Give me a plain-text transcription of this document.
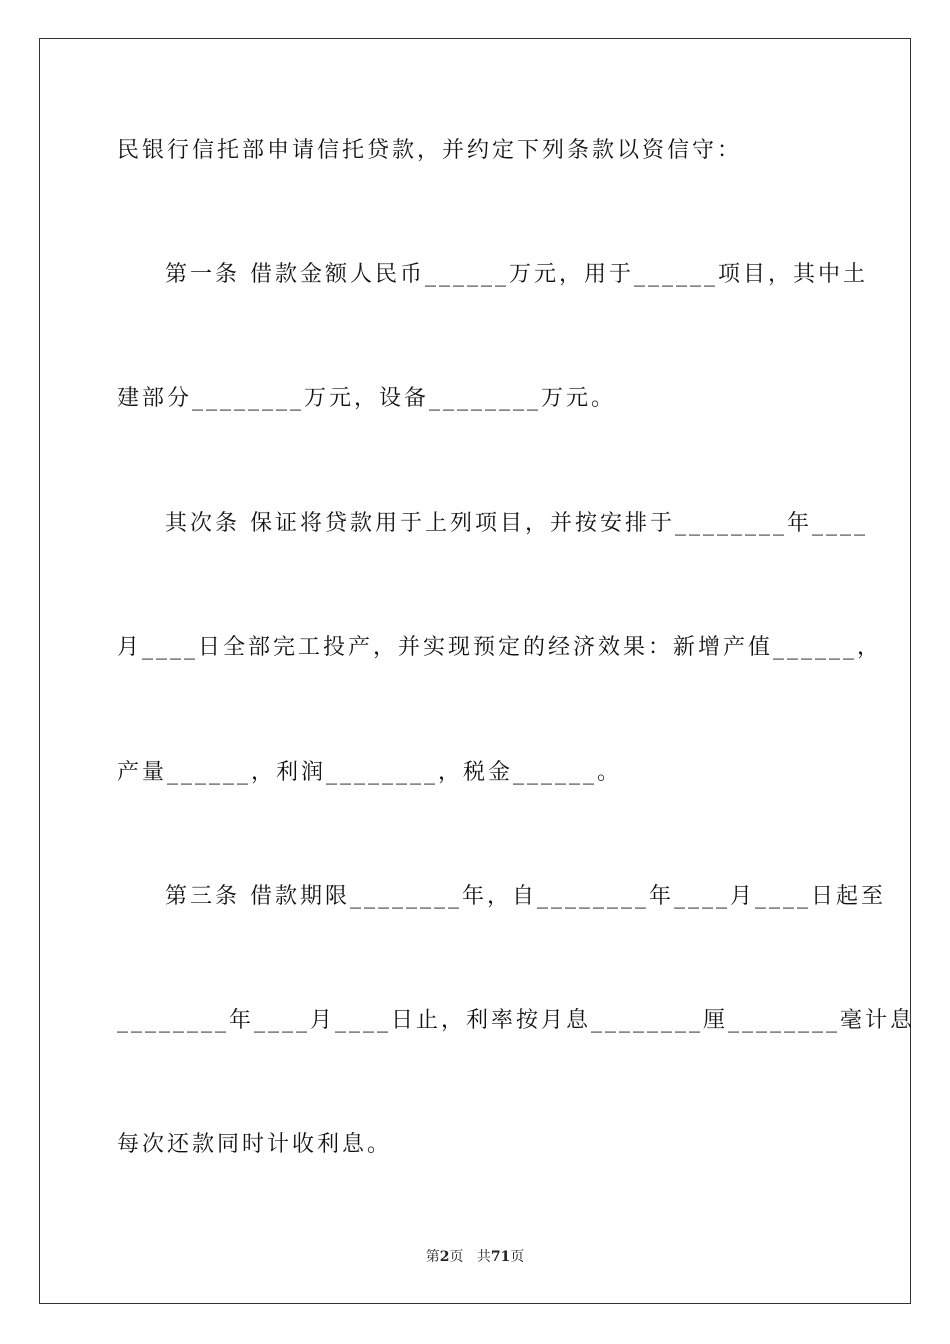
民银行信托部申请信托贷款，并约定下列条款以资信守：
第一条 借款金额人民币______万元，用于______项目，其中土
建部分________万元，设备________万元。
其次条 保证将贷款用于上列项目，并按安排于________年____
月____日全部完工投产，并实现预定的经济效果：新增产值______，
产量______，利润________，税金______。
第三条 借款期限________年，自________年____月____日起至
________年____月____日止，利率按月息________厘________毫计息
每次还款同时计收利息。
第2页 共71页
